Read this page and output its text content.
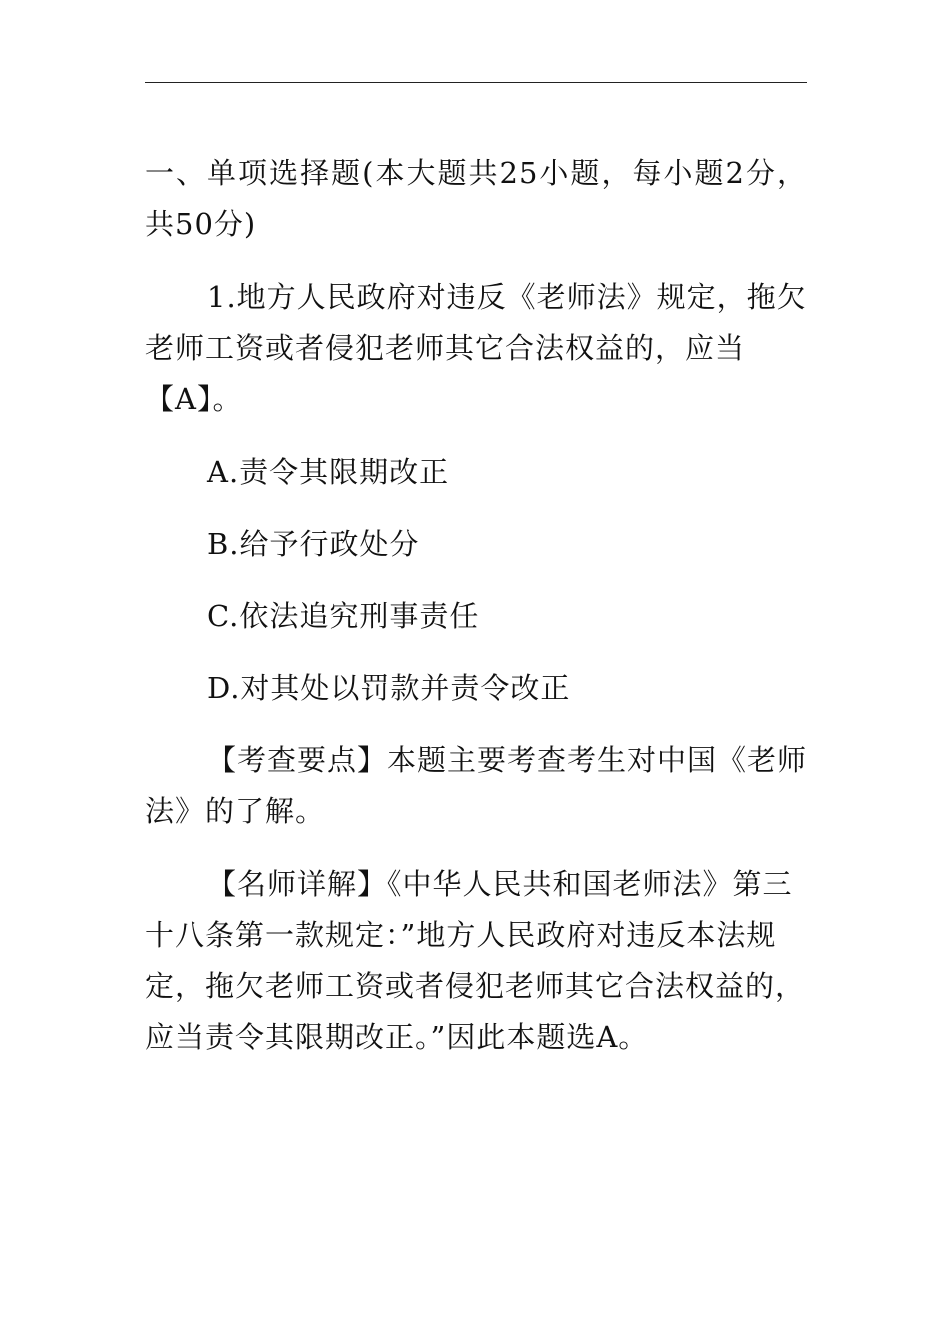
一、单项选择题(本大题共25小题，每小题2分，共50分)

1.地方人民政府对违反《老师法》规定，拖欠老师工资或者侵犯老师其它合法权益的，应当【A】。

A.责令其限期改正

B.给予行政处分

C.依法追究刑事责任

D.对其处以罚款并责令改正

【考查要点】本题主要考查考生对中国《老师法》的了解。

【名师详解】《中华人民共和国老师法》第三十八条第一款规定：”地方人民政府对违反本法规定，拖欠老师工资或者侵犯老师其它合法权益的，应当责令其限期改正。”因此本题选A。
